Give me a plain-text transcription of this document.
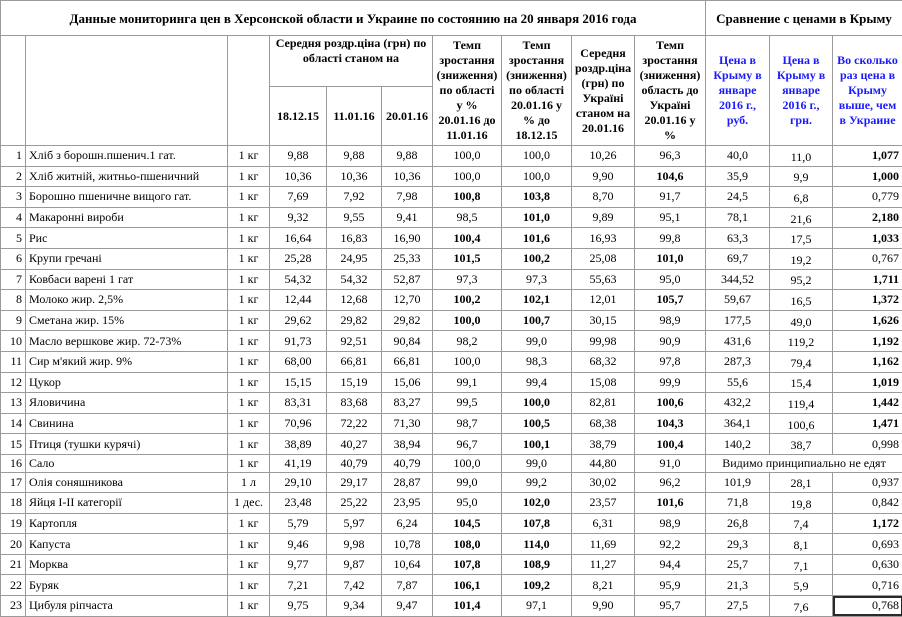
Данные мониторинга цен в Херсонской области и Украине по состоянию на 20 января 2016 года										Сравнение с ценами в Крыму		
			Середня роздр.ціна (грн) по області станом на			Темп зростання (зниження) по області у % 20.01.16 до 11.01.16	Темп зростання (зниження) по області 20.01.16 у % до 18.12.15	Середня роздр.ціна (грн) по Україні станом на 20.01.16	Темп зростання (зниження) область до Україні 20.01.16 у %	Цена в Крыму в январе 2016 г., руб.	Цена в Крыму в январе 2016 г., грн.	Во сколько раз цена в Крыму выше, чем в Украине
			18.12.15	11.01.16	20.01.16							
1	Хліб з борошн.пшенич.1 гат.	1 кг	9,88	9,88	9,88	100,0	100,0	10,26	96,3	40,0	11,0	1,077
2	Хліб житній, житньо-пшеничний	1 кг	10,36	10,36	10,36	100,0	100,0	9,90	104,6	35,9	9,9	1,000
3	Борошно пшеничне вищого гат.	1 кг	7,69	7,92	7,98	100,8	103,8	8,70	91,7	24,5	6,8	0,779
4	Макаронні вироби	1 кг	9,32	9,55	9,41	98,5	101,0	9,89	95,1	78,1	21,6	2,180
5	Рис	1 кг	16,64	16,83	16,90	100,4	101,6	16,93	99,8	63,3	17,5	1,033
6	Крупи гречані	1 кг	25,28	24,95	25,33	101,5	100,2	25,08	101,0	69,7	19,2	0,767
7	Ковбаси варені 1 гат	1 кг	54,32	54,32	52,87	97,3	97,3	55,63	95,0	344,52	95,2	1,711
8	Молоко жир. 2,5%	1 кг	12,44	12,68	12,70	100,2	102,1	12,01	105,7	59,67	16,5	1,372
9	Сметана жир. 15%	1 кг	29,62	29,82	29,82	100,0	100,7	30,15	98,9	177,5	49,0	1,626
10	Масло вершкове жир. 72-73%	1 кг	91,73	92,51	90,84	98,2	99,0	99,98	90,9	431,6	119,2	1,192
11	Сир м'який жир. 9%	1 кг	68,00	66,81	66,81	100,0	98,3	68,32	97,8	287,3	79,4	1,162
12	Цукор	1 кг	15,15	15,19	15,06	99,1	99,4	15,08	99,9	55,6	15,4	1,019
13	Яловичина	1 кг	83,31	83,68	83,27	99,5	100,0	82,81	100,6	432,2	119,4	1,442
14	Свинина	1 кг	70,96	72,22	71,30	98,7	100,5	68,38	104,3	364,1	100,6	1,471
15	Птиця (тушки курячі)	1 кг	38,89	40,27	38,94	96,7	100,1	38,79	100,4	140,2	38,7	0,998
16	Сало	1 кг	41,19	40,79	40,79	100,0	99,0	44,80	91,0	Видимо принципиально не едят		
17	Олія соняшникова	1 л	29,10	29,17	28,87	99,0	99,2	30,02	96,2	101,9	28,1	0,937
18	Яйця I-II категорії	1 дес.	23,48	25,22	23,95	95,0	102,0	23,57	101,6	71,8	19,8	0,842
19	Картопля	1 кг	5,79	5,97	6,24	104,5	107,8	6,31	98,9	26,8	7,4	1,172
20	Капуста	1 кг	9,46	9,98	10,78	108,0	114,0	11,69	92,2	29,3	8,1	0,693
21	Морква	1 кг	9,77	9,87	10,64	107,8	108,9	11,27	94,4	25,7	7,1	0,630
22	Буряк	1 кг	7,21	7,42	7,87	106,1	109,2	8,21	95,9	21,3	5,9	0,716
23	Цибуля ріпчаста	1 кг	9,75	9,34	9,47	101,4	97,1	9,90	95,7	27,5	7,6	0,768
